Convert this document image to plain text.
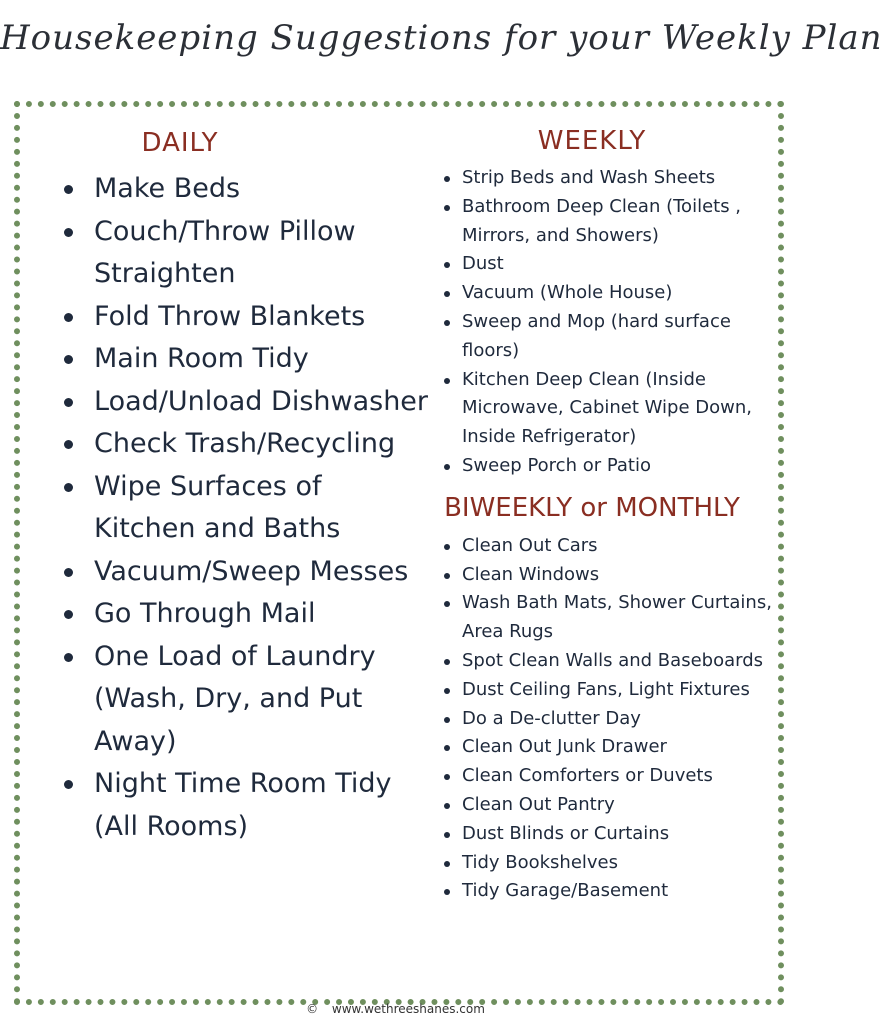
Housekeeping Suggestions for your Weekly Plan
DAILY
Make Beds
Couch/Throw Pillow Straighten
Fold Throw Blankets
Main Room Tidy
Load/Unload Dishwasher
Check Trash/Recycling
Wipe Surfaces of Kitchen and Baths
Vacuum/Sweep Messes
Go Through Mail
One Load of Laundry (Wash, Dry, and Put Away)
Night Time Room Tidy (All Rooms)
WEEKLY
Strip Beds and Wash Sheets
Bathroom Deep Clean (Toilets , Mirrors, and Showers)
Dust
Vacuum (Whole House)
Sweep and Mop (hard surface floors)
Kitchen Deep Clean (Inside Microwave, Cabinet Wipe Down, Inside Refrigerator)
Sweep Porch or Patio
BIWEEKLY or MONTHLY
Clean Out Cars
Clean Windows
Wash Bath Mats, Shower Curtains, Area Rugs
Spot Clean Walls and Baseboards
Dust Ceiling Fans, Light Fixtures
Do a De-clutter Day
Clean Out Junk Drawer
Clean Comforters or Duvets
Clean Out Pantry
Dust Blinds or Curtains
Tidy Bookshelves
Tidy Garage/Basement
© www.wethreeshanes.com
